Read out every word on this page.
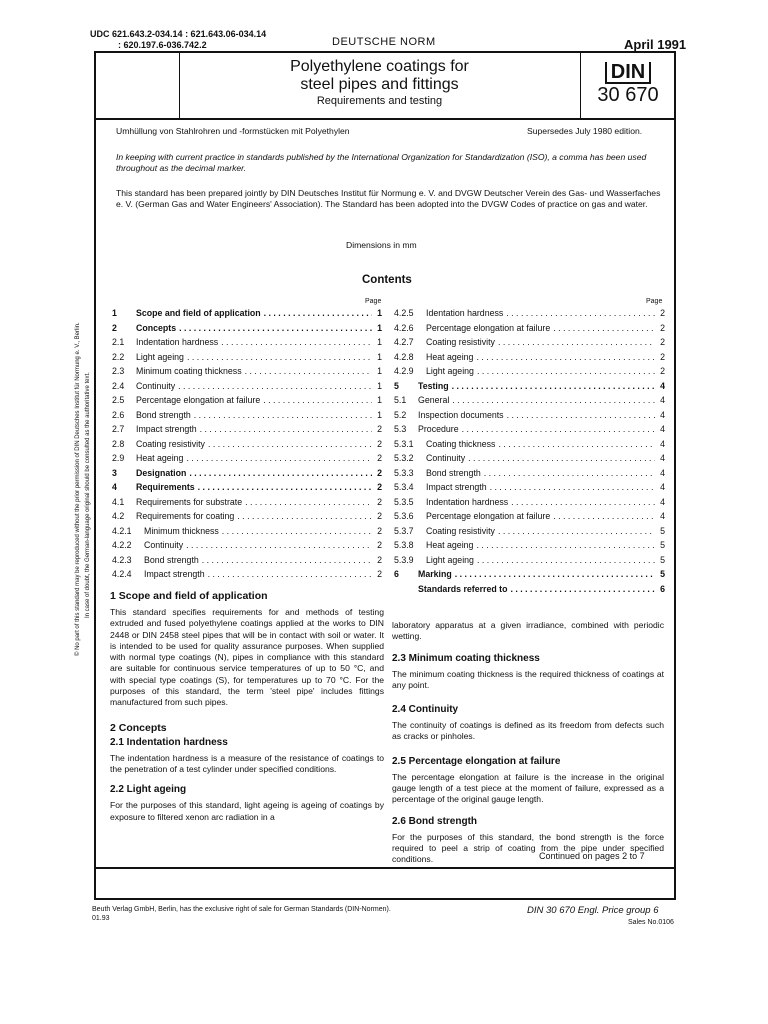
UDC 621.643.2-034.14 : 621.643.06-034.14
: 620.197.6-036.742.2	DEUTSCHE NORM	April 1991
Polyethylene coatings for
steel pipes and fittings
Requirements and testing
DIN
30 670
Umhüllung von Stahlrohren und -formstücken mit Polyethylen	Supersedes July 1980 edition.
In keeping with current practice in standards published by the International Organization for Standardization (ISO), a comma has been used throughout as the decimal marker.
This standard has been prepared jointly by DIN Deutsches Institut für Normung e. V. and DVGW Deutscher Verein des Gas- und Wasserfaches e. V. (German Gas and Water Engineers' Association). The Standard has been adopted into the DVGW Codes of practice on gas and water.
Dimensions in mm
Contents
Page	Page
1	Scope and field of application . . .	1
2	Concepts . . .	1
2.1	Indentation hardness . . .	1
2.2	Light ageing . . .	1
2.3	Minimum coating thickness . . .	1
2.4	Continuity . . .	1
2.5	Percentage elongation at failure . . .	1
2.6	Bond strength . . .	1
2.7	Impact strength . . .	2
2.8	Coating resistivity . . .	2
2.9	Heat ageing . . .	2
3	Designation . . .	2
4	Requirements . . .	2
4.1	Requirements for substrate . . .	2
4.2	Requirements for coating . . .	2
4.2.1	Minimum thickness . . .	2
4.2.2	Continuity . . .	2
4.2.3	Bond strength . . .	2
4.2.4	Impact strength . . .	2
4.2.5	Identation hardness . . .	2
4.2.6	Percentage elongation at failure . . .	2
4.2.7	Coating resistivity . . .	2
4.2.8	Heat ageing . . .	2
4.2.9	Light ageing . . .	2
5	Testing . . .	4
5.1	General . . .	4
5.2	Inspection documents . . .	4
5.3	Procedure . . .	4
5.3.1	Coating thickness . . .	4
5.3.2	Continuity . . .	4
5.3.3	Bond strength . . .	4
5.3.4	Impact strength . . .	4
5.3.5	Indentation hardness . . .	4
5.3.6	Percentage elongation at failure . . .	4
5.3.7	Coating resistivity . . .	5
5.3.8	Heat ageing . . .	5
5.3.9	Light ageing . . .	5
6	Marking . . .	5
Standards referred to . . .	6
1 Scope and field of application
This standard specifies requirements for and methods of testing extruded and fused polyethylene coatings applied at the works to DIN 2448 or DIN 2458 steel pipes that will be in contact with soil or water. It is intended to be used for quality assurance purposes. When supplied with normal type coatings (N), pipes in compliance with this standard are suitable for continuous service temperatures of up to 50 °C, and with special type coatings (S), for temperatures up to 70 °C. For the purposes of this standard, the term 'steel pipe' includes fittings manufactured from such pipes.
2 Concepts
2.1 Indentation hardness
The indentation hardness is a measure of the resistance of coatings to the penetration of a test cylinder under specified conditions.
2.2 Light ageing
For the purposes of this standard, light ageing is ageing of coatings by exposure to filtered xenon arc radiation in a
laboratory apparatus at a given irradiance, combined with periodic wetting.
2.3 Minimum coating thickness
The minimum coating thickness is the required thickness of coatings at any point.
2.4 Continuity
The continuity of coatings is defined as its freedom from defects such as cracks or pinholes.
2.5 Percentage elongation at failure
The percentage elongation at failure is the increase in the original gauge length of a test piece at the moment of failure, expressed as a percentage of the original gauge length.
2.6 Bond strength
For the purposes of this standard, the bond strength is the force required to peel a strip of coating from the pipe under specified conditions.	Continued on pages 2 to 7
© No part of this standard may be reproduced without the prior permission of DIN Deutsches Institut für Normung e. V., Berlin. In case of doubt, the German-language original should be consulted as the authoritative text.
Beuth Verlag GmbH, Berlin, has the exclusive right of sale for German Standards (DIN-Normen).
01.93
DIN 30 670 Engl. Price group 6
Sales No.0106
